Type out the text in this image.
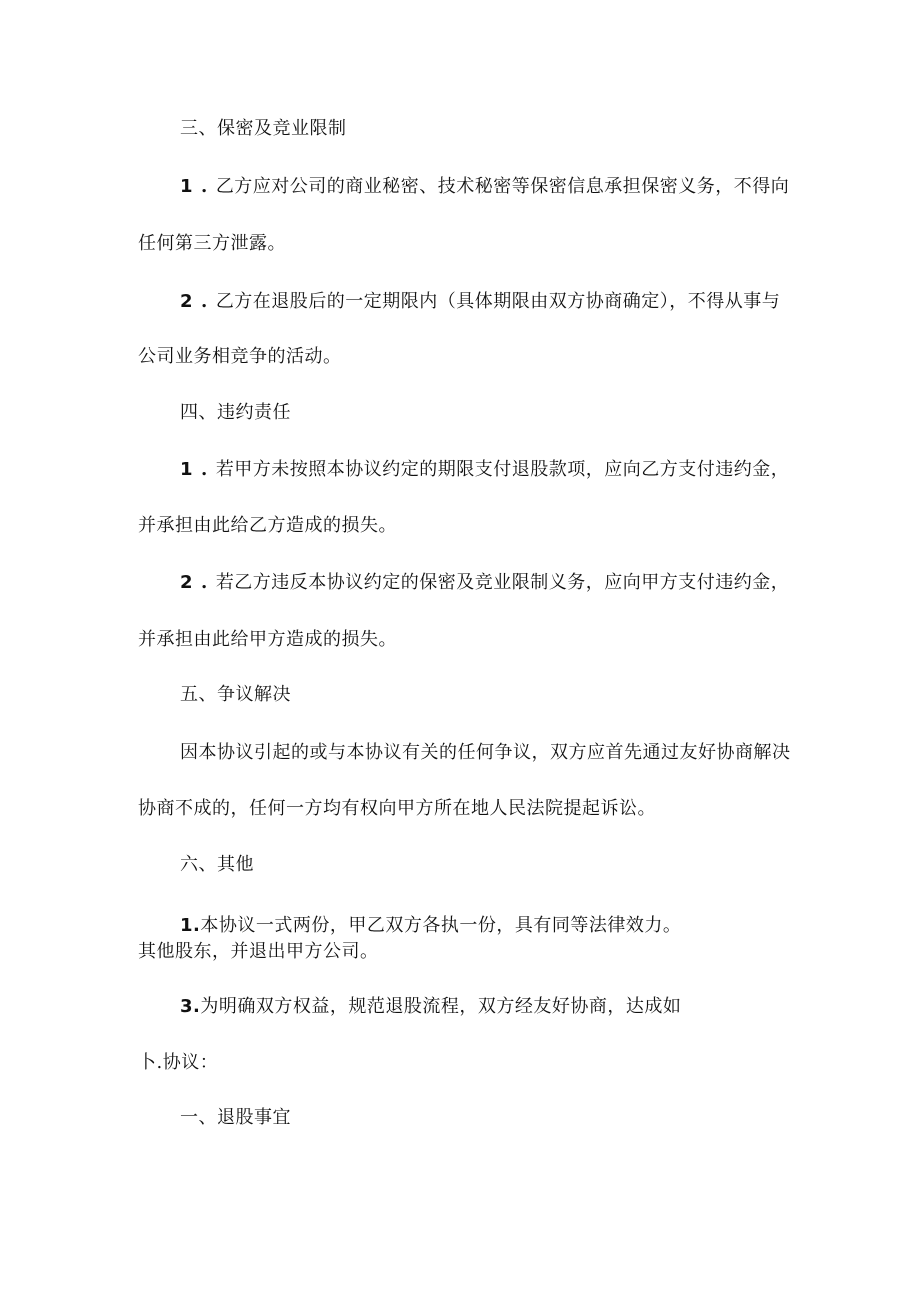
三、保密及竞业限制
1 . 乙方应对公司的商业秘密、技术秘密等保密信息承担保密义务，不得向
任何第三方泄露。
2 . 乙方在退股后的一定期限内（具体期限由双方协商确定），不得从事与
公司业务相竞争的活动。
四、违约责任
1 . 若甲方未按照本协议约定的期限支付退股款项，应向乙方支付违约金，
并承担由此给乙方造成的损失。
2 . 若乙方违反本协议约定的保密及竞业限制义务，应向甲方支付违约金，
并承担由此给甲方造成的损失。
五、争议解决
因本协议引起的或与本协议有关的任何争议，双方应首先通过友好协商解决
协商不成的，任何一方均有权向甲方所在地人民法院提起诉讼。
六、其他
1.本协议一式两份，甲乙双方各执一份，具有同等法律效力。
其他股东，并退出甲方公司。
3.为明确双方权益，规范退股流程，双方经友好协商，达成如
卜.协议：
一、退股事宜
